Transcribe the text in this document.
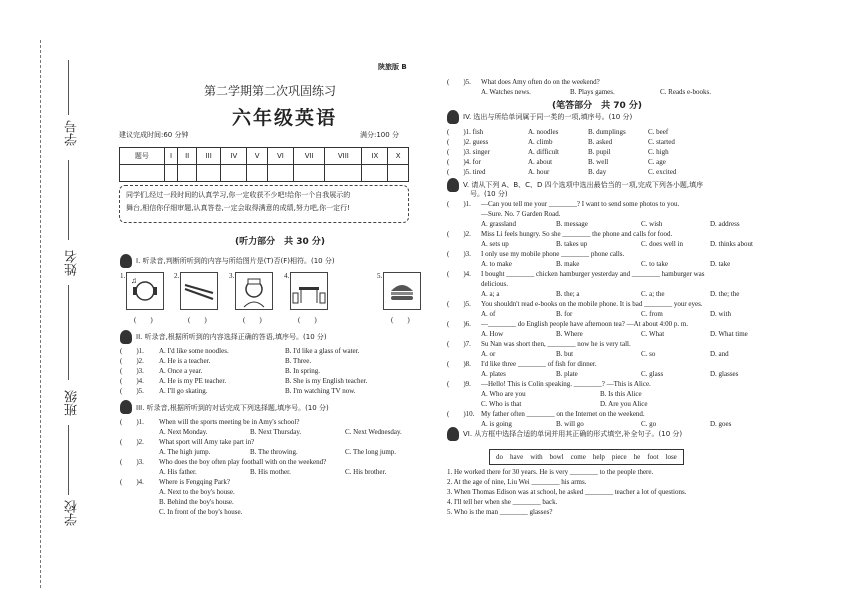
学校
班级
姓名
学号
陕旅版 B
第二学期第二次巩固练习
六年级英语
建议完成时间:60 分钟	满分:100 分
题号	I	II	III	IV	V	VI	VII	VIII	IX	X

同学们,经过一段时间的认真学习,你一定收获不少吧!给你一个自我展示的
舞台,相信你仔细审题,认真答卷,一定会取得满意的成绩,努力吧,你一定行!
(听力部分　共 30 分)
I. 听录音,判断所听到的内容与所给图片是(T)否(F)相符。(10 分)
1. ♫
(　　)
2.
(　　)
3.
(　　)
4.
(　　)
5.
(　　)
II. 听录音,根据所听到的内容选择正确的答语,填序号。(10 分)
(　　)1. A. I'd like some noodles.	B. I'd like a glass of water.
(　　)2. A. He is a teacher.	B. Three.
(　　)3. A. Once a year.	B. In spring.
(　　)4. A. He is my PE teacher.	B. She is my English teacher.
(　　)5. A. I'll go skating.	B. I'm watching TV now.
III. 听录音,根据所听到的对话完成下列选择题,填序号。(10 分)
(　　)1. When will the sports meeting be in Amy's school?
A. Next Monday.	B. Next Thursday.	C. Next Wednesday.
(　　)2. What sport will Amy take part in?
A. The high jump.	B. The throwing.	C. The long jump.
(　　)3. Who does the boy often play football with on the weekend?
A. His father.	B. His mother.	C. His brother.
(　　)4. Where is Fengqing Park?
A. Next to the boy's house.
B. Behind the boy's house.
C. In front of the boy's house.
(　　)5. What does Amy often do on the weekend?
A. Watches news.	B. Plays games.	C. Reads e-books.
(笔答部分　共 70 分)
IV. 选出与所给单词属于同一类的一项,填序号。(10 分)
(　　)1. fish	A. noodles	B. dumplings	C. beef
(　　)2. guess	A. climb	B. asked	C. started
(　　)3. singer	A. difficult	B. pupil	C. high
(　　)4. for	A. about	B. well	C. age
(　　)5. tired	A. hour	B. day	C. excited
V. 请从下列 A、B、C、D 四个选项中选出最恰当的一项,完成下列各小题,填序
号。(10 分)
(　　)1. —Can you tell me your ________? I want to send some photos to you.
—Sure. No. 7 Garden Road.
A. grassland	B. message	C. wish	D. address
(　　)2. Miss Li feels hungry. So she ________ the phone and calls for food.
A. sets up	B. takes up	C. does well in	D. thinks about
(　　)3. I only use my mobile phone ________ phone calls.
A. to make	B. make	C. to take	D. take
(　　)4. I bought ________ chicken hamburger yesterday and ________ hamburger was
delicious.
A. a; a	B. the; a	C. a; the	D. the; the
(　　)5. You shouldn't read e-books on the mobile phone. It is bad ________ your eyes.
A. of	B. for	C. from	D. with
(　　)6. —________ do English people have afternoon tea? —At about 4:00 p. m.
A. How	B. Where	C. What	D. What time
(　　)7. Su Nan was short then, ________ now he is very tall.
A. or	B. but	C. so	D. and
(　　)8. I'd like three ________ of fish for dinner.
A. plates	B. plate	C. glass	D. glasses
(　　)9. —Hello! This is Colin speaking. ________? —This is Alice.
A. Who are you	B. Is this Alice
C. Who is that	D. Are you Alice
(　　)10. My father often ________ on the Internet on the weekend.
A. is going	B. will go	C. go	D. goes
VI. 从方框中选择合适的单词并用其正确的形式填空,补全句子。(10 分)
do　have　with　bowl　come　help　piece　he　foot　lose
1. He worked there for 30 years. He is very ________ to the people there.
2. At the age of nine, Liu Wei ________ his arms.
3. When Thomas Edison was at school, he asked ________ teacher a lot of questions.
4. I'll tell her when she ________ back.
5. Who is the man ________ glasses?
